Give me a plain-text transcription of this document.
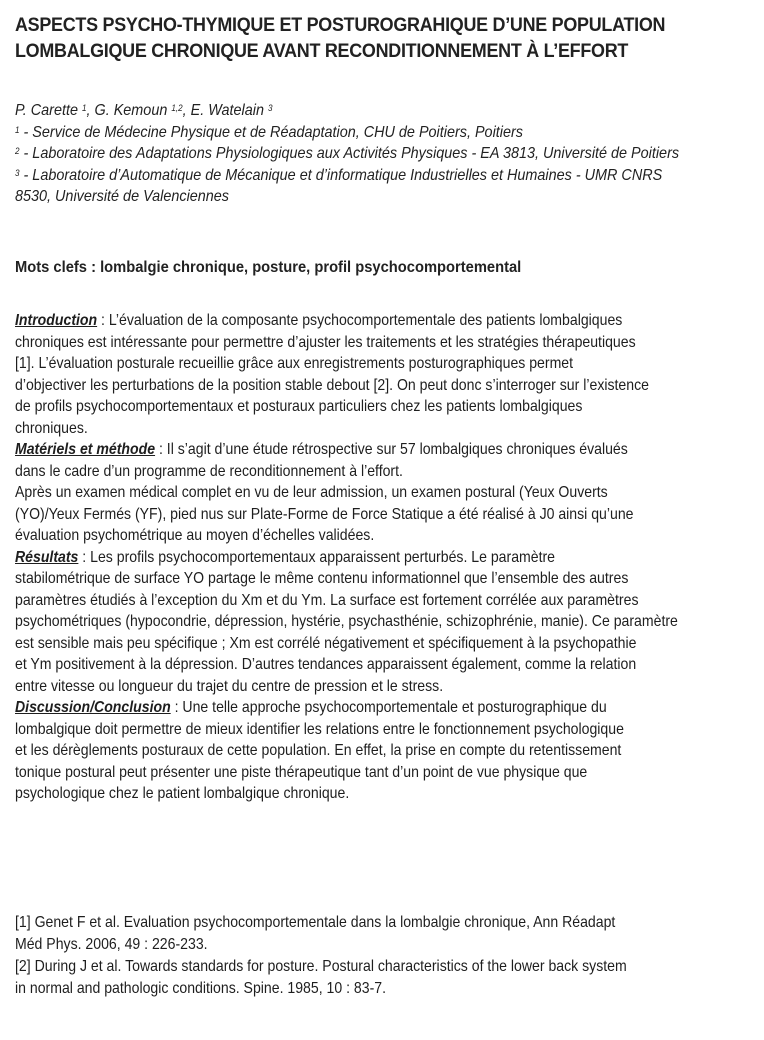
ASPECTS PSYCHO-THYMIQUE ET POSTUROGRAHIQUE D’UNE POPULATION
LOMBALGIQUE CHRONIQUE AVANT RECONDITIONNEMENT À L’EFFORT
P. Carette $^1$, G. Kemoun $^{1,2}$, E. Watelain $^3$
$^1$ - Service de Médecine Physique et de Réadaptation, CHU de Poitiers, Poitiers
$^2$ - Laboratoire des Adaptations Physiologiques aux Activités Physiques - EA 3813, Université de Poitiers
$^3$ - Laboratoire d’Automatique de Mécanique et d’informatique Industrielles et Humaines - UMR CNRS
8530, Université de Valenciennes
Mots clefs : lombalgie chronique, posture, profil psychocomportemental
Introduction : L’évaluation de la composante psychocomportementale des patients lombalgiques
chroniques est intéressante pour permettre d’ajuster les traitements et les stratégies thérapeutiques
[1]. L’évaluation posturale recueillie grâce aux enregistrements posturographiques permet
d’objectiver les perturbations de la position stable debout [2]. On peut donc s’interroger sur l’existence
de profils psychocomportementaux et posturaux particuliers chez les patients lombalgiques
chroniques.
Matériels et méthode : Il s’agit d’une étude rétrospective sur 57 lombalgiques chroniques évalués
dans le cadre d’un programme de reconditionnement à l’effort.
Après un examen médical complet en vu de leur admission, un examen postural (Yeux Ouverts
(YO)/Yeux Fermés (YF), pied nus sur Plate-Forme de Force Statique a été réalisé à J0 ainsi qu’une
évaluation psychométrique au moyen d’échelles validées.
Résultats : Les profils psychocomportementaux apparaissent perturbés. Le paramètre
stabilométrique de surface YO partage le même contenu informationnel que l’ensemble des autres
paramètres étudiés à l’exception du Xm et du Ym. La surface est fortement corrélée aux paramètres
psychométriques (hypocondrie, dépression, hystérie, psychasthénie, schizophrénie, manie). Ce paramètre
est sensible mais peu spécifique ; Xm est corrélé négativement et spécifiquement à la psychopathie
et Ym positivement à la dépression. D’autres tendances apparaissent également, comme la relation
entre vitesse ou longueur du trajet du centre de pression et le stress.
Discussion/Conclusion : Une telle approche psychocomportementale et posturographique du
lombalgique doit permettre de mieux identifier les relations entre le fonctionnement psychologique
et les dérèglements posturaux de cette population. En effet, la prise en compte du retentissement
tonique postural peut présenter une piste thérapeutique tant d’un point de vue physique que
psychologique chez le patient lombalgique chronique.
[1] Genet F et al. Evaluation psychocomportementale dans la lombalgie chronique, Ann Réadapt
Méd Phys. 2006, 49 : 226-233.
[2] During J et al. Towards standards for posture. Postural characteristics of the lower back system
in normal and pathologic conditions. Spine. 1985, 10 : 83-7.
